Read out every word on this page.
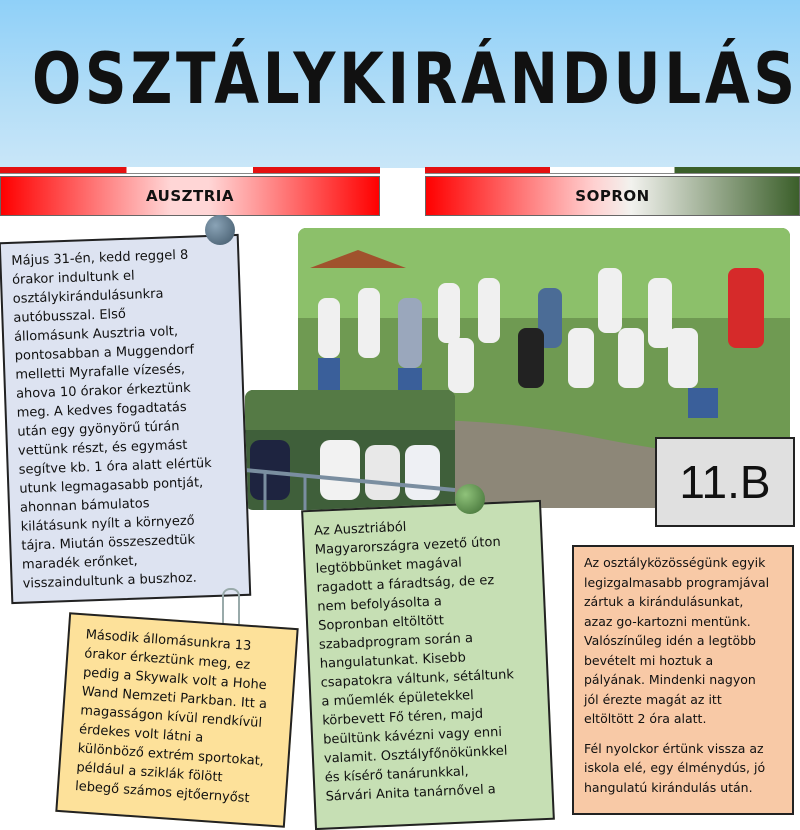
OSZTÁLYKIRÁNDULÁS
AUSZTRIA	SOPRON

Május 31-én, kedd reggel 8
órakor indultunk el
osztálykirándulásunkra
autóbusszal. Első
állomásunk Ausztria volt,
pontosabban a Muggendorf
melletti Myrafalle vízesés,
ahova 10 órakor érkeztünk
meg. A kedves fogadtatás
után egy gyönyörű túrán
vettünk részt, és egymást
segítve kb. 1 óra alatt elértük
utunk legmagasabb pontját,
ahonnan bámulatos
kilátásunk nyílt a környező
tájra. Miután összeszedtük
maradék erőnket,
visszaindultunk a buszhoz.

Második állomásunkra 13
órakor érkeztünk meg, ez
pedig a Skywalk volt a Hohe
Wand Nemzeti Parkban. Itt a
magasságon kívül rendkívül
érdekes volt látni a
különböző extrém sportokat,
például a sziklák fölött
lebegő számos ejtőernyőst

Az Ausztriából
Magyarországra vezető úton
legtöbbünket magával
ragadott a fáradtság, de ez
nem befolyásolta a
Sopronban eltöltött
szabadprogram során a
hangulatunkat. Kisebb
csapatokra váltunk, sétáltunk
a műemlék épületekkel
körbevett Fő téren, majd
beültünk kávézni vagy enni
valamit. Osztályfőnökünkkel
és kísérő tanárunkkal,
Sárvári Anita tanárnővel a

11.B

Az osztályközösségünk egyik
legizgalmasabb programjával
zártuk a kirándulásunkat,
azaz go-kartozni mentünk.
Valószínűleg idén a legtöbb
bevételt mi hoztuk a
pályának. Mindenki nagyon
jól érezte magát az itt
eltöltött 2 óra alatt.

Fél nyolckor értünk vissza az
iskola elé, egy élménydús, jó
hangulatú kirándulás után.
